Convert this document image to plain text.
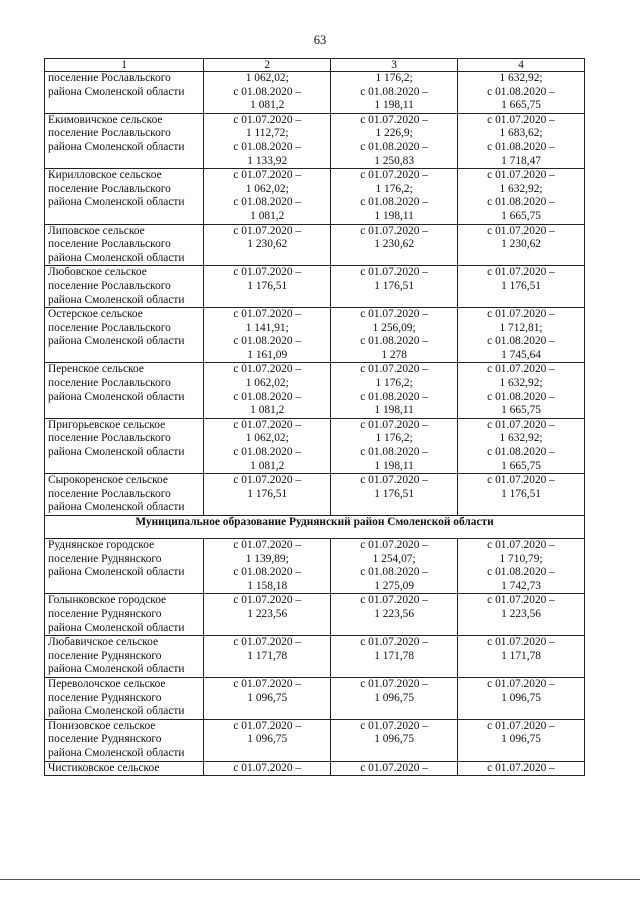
63
1	2	3	4

поселение Рославльского
района Смоленской области	1 062,02;
с 01.08.2020 –
1 081,2	1 176,2;
с 01.08.2020 –
1 198,11	1 632,92;
с 01.08.2020 –
1 665,75

Екимовичское сельское
поселение Рославльского
района Смоленской области	с 01.07.2020 –
1 112,72;
с 01.08.2020 –
1 133,92	с 01.07.2020 –
1 226,9;
с 01.08.2020 –
1 250,83	с 01.07.2020 –
1 683,62;
с 01.08.2020 –
1 718,47

Кирилловское сельское
поселение Рославльского
района Смоленской области	с 01.07.2020 –
1 062,02;
с 01.08.2020 –
1 081,2	с 01.07.2020 –
1 176,2;
с 01.08.2020 –
1 198,11	с 01.07.2020 –
1 632,92;
с 01.08.2020 –
1 665,75

Липовское сельское
поселение Рославльского
района Смоленской области	с 01.07.2020 –
1 230,62	с 01.07.2020 –
1 230,62	с 01.07.2020 –
1 230,62

Любовское сельское
поселение Рославльского
района Смоленской области	с 01.07.2020 –
1 176,51	с 01.07.2020 –
1 176,51	с 01.07.2020 –
1 176,51

Остерское сельское
поселение Рославльского
района Смоленской области	с 01.07.2020 –
1 141,91;
с 01.08.2020 –
1 161,09	с 01.07.2020 –
1 256,09;
с 01.08.2020 –
1 278	с 01.07.2020 –
1 712,81;
с 01.08.2020 –
1 745,64

Перенское сельское
поселение Рославльского
района Смоленской области	с 01.07.2020 –
1 062,02;
с 01.08.2020 –
1 081,2	с 01.07.2020 –
1 176,2;
с 01.08.2020 –
1 198,11	с 01.07.2020 –
1 632,92;
с 01.08.2020 –
1 665,75

Пригорьевское сельское
поселение Рославльского
района Смоленской области	с 01.07.2020 –
1 062,02;
с 01.08.2020 –
1 081,2	с 01.07.2020 –
1 176,2;
с 01.08.2020 –
1 198,11	с 01.07.2020 –
1 632,92;
с 01.08.2020 –
1 665,75

Сырокоренское сельское
поселение Рославльского
района Смоленской области	с 01.07.2020 –
1 176,51	с 01.07.2020 –
1 176,51	с 01.07.2020 –
1 176,51

Муниципальное образование Руднянский район Смоленской области			

Руднянское городское
поселение Руднянского
района Смоленской области	с 01.07.2020 –
1 139,89;
с 01.08.2020 –
1 158,18	с 01.07.2020 –
1 254,07;
с 01.08.2020 –
1 275,09	с 01.07.2020 –
1 710,79;
с 01.08.2020 –
1 742,73

Голынковское городское
поселение Руднянского
района Смоленской области	с 01.07.2020 –
1 223,56	с 01.07.2020 –
1 223,56	с 01.07.2020 –
1 223,56

Любавичское сельское
поселение Руднянского
района Смоленской области	с 01.07.2020 –
1 171,78	с 01.07.2020 –
1 171,78	с 01.07.2020 –
1 171,78

Переволочское сельское
поселение Руднянского
района Смоленской области	с 01.07.2020 –
1 096,75	с 01.07.2020 –
1 096,75	с 01.07.2020 –
1 096,75

Понизовское сельское
поселение Руднянского
района Смоленской области	с 01.07.2020 –
1 096,75	с 01.07.2020 –
1 096,75	с 01.07.2020 –
1 096,75

Чистиковское сельское	с 01.07.2020 –	с 01.07.2020 –	с 01.07.2020 –
